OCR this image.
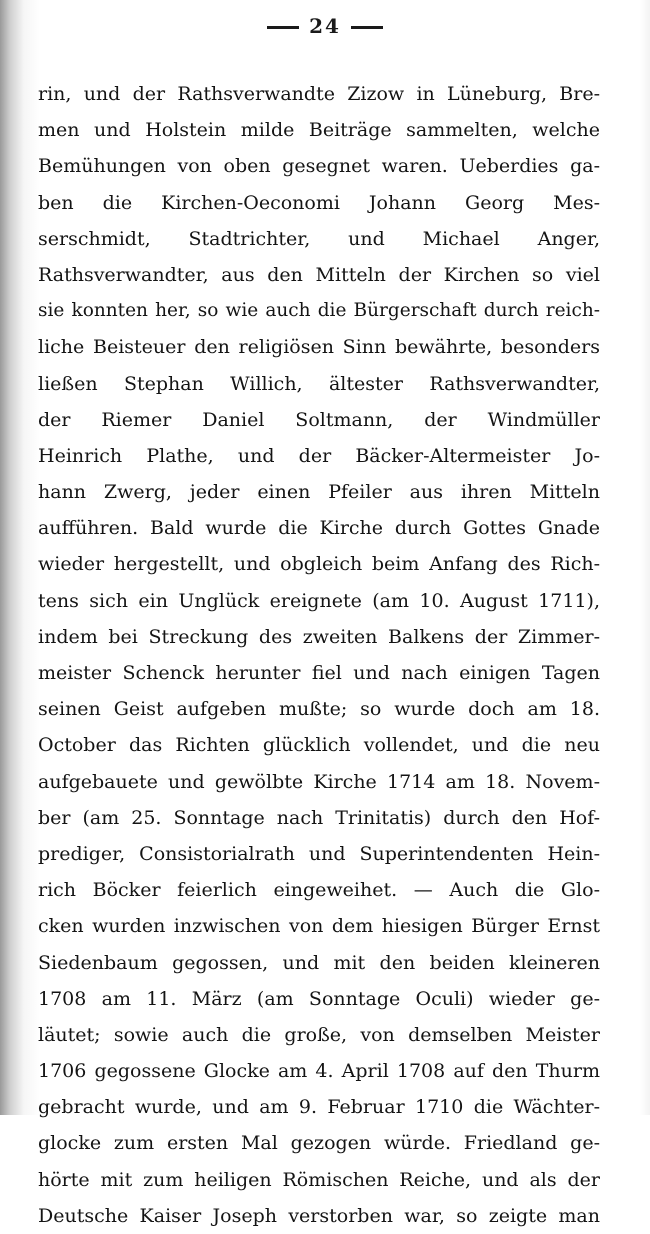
24
rin, und der Rathsverwandte Zizow in Lüneburg, Bre-
men und Holstein milde Beiträge sammelten, welche
Bemühungen von oben gesegnet waren. Ueberdies ga-
ben die Kirchen-Oeconomi Johann Georg Mes-
serschmidt, Stadtrichter, und Michael Anger,
Rathsverwandter, aus den Mitteln der Kirchen so viel
sie konnten her, so wie auch die Bürgerschaft durch reich-
liche Beisteuer den religiösen Sinn bewährte, besonders
ließen Stephan Willich, ältester Rathsverwandter,
der Riemer Daniel Soltmann, der Windmüller
Heinrich Plathe, und der Bäcker-Altermeister Jo-
hann Zwerg, jeder einen Pfeiler aus ihren Mitteln
aufführen. Bald wurde die Kirche durch Gottes Gnade
wieder hergestellt, und obgleich beim Anfang des Rich-
tens sich ein Unglück ereignete (am 10. August 1711),
indem bei Streckung des zweiten Balkens der Zimmer-
meister Schenck herunter fiel und nach einigen Tagen
seinen Geist aufgeben mußte; so wurde doch am 18.
October das Richten glücklich vollendet, und die neu
aufgebauete und gewölbte Kirche 1714 am 18. Novem-
ber (am 25. Sonntage nach Trinitatis) durch den Hof-
prediger, Consistorialrath und Superintendenten Hein-
rich Böcker feierlich eingeweihet. — Auch die Glo-
cken wurden inzwischen von dem hiesigen Bürger Ernst
Siedenbaum gegossen, und mit den beiden kleineren
1708 am 11. März (am Sonntage Oculi) wieder ge-
läutet; sowie auch die große, von demselben Meister
1706 gegossene Glocke am 4. April 1708 auf den Thurm
gebracht wurde, und am 9. Februar 1710 die Wächter-
glocke zum ersten Mal gezogen würde. Friedland ge-
hörte mit zum heiligen Römischen Reiche, und als der
Deutsche Kaiser Joseph verstorben war, so zeigte man
